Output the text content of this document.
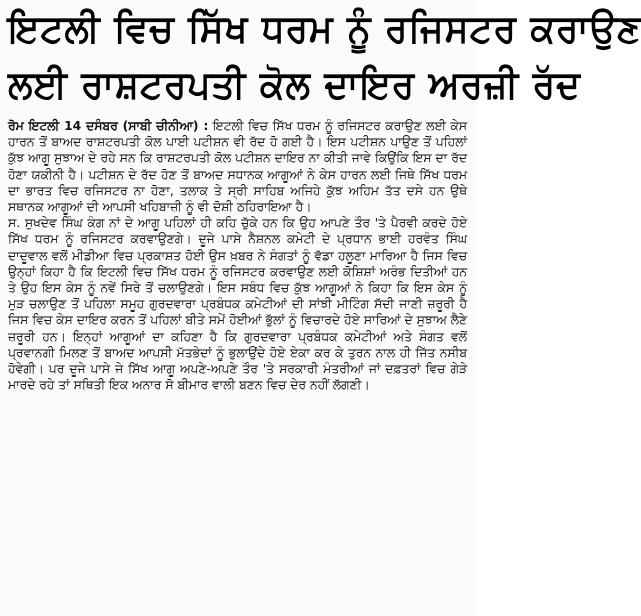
ਇਟਲੀ ਵਿਚ ਸਿੱਖ ਧਰਮ ਨੂੰ ਰਜਿਸਟਰ ਕਰਾਉਣ
ਲਈ ਰਾਸ਼ਟਰਪਤੀ ਕੋਲ ਦਾਇਰ ਅਰਜ਼ੀ ਰੱਦ

ਰੋਮ ਇਟਲੀ 14 ਦਸੰਬਰ (ਸਾਬੀ ਚੀਨੀਆ) : ਇਟਲੀ ਵਿਚ ਸਿੱਖ ਧਰਮ ਨੂੰ ਰਜਿਸਟਰ ਕਰਾਉਣ ਲਈ ਕੇਸ ਹਾਰਨ ਤੋਂ ਬਾਅਦ ਰਾਸ਼ਟਰਪਤੀ ਕੋਲ ਪਾਈ ਪਟੀਸ਼ਨ ਵੀ ਰੱਦ ਹੋ ਗਈ ਹੈ। ਇਸ ਪਟੀਸ਼ਨ ਪਾਉਣ ਤੋਂ ਪਹਿਲਾਂ ਕੁੱਝ ਆਗੂ ਸੁਝਾਅ ਦੇ ਰਹੇ ਸਨ ਕਿ ਰਾਸ਼ਟਰਪਤੀ ਕੋਲ ਪਟੀਸ਼ਨ ਦਾਇਰ ਨਾ ਕੀਤੀ ਜਾਵੇ ਕਿਉਂਕਿ ਇਸ ਦਾ ਰੱਦ ਹੋਣਾ ਯਕੀਨੀ ਹੈ। ਪਟੀਸ਼ਨ ਦੇ ਰੱਦ ਹੋਣ ਤੋਂ ਬਾਅਦ ਸਧਾਨਕ ਆਗੂਆਂ ਨੇ ਕੇਸ ਹਾਰਨ ਲਈ ਜਿਥੇ ਸਿੱਖ ਧਰਮ ਦਾ ਭਾਰਤ ਵਿਚ ਰਜਿਸਟਰ ਨਾ ਹੋਣਾ, ਤਲਾਕ ਤੇ ਸ੍ਰੀ ਸਾਹਿਬ ਅਜਿਹੇ ਕੁੱਝ ਅਹਿਮ ਤੱਤ ਦਸੇ ਹਨ ਉਥੇ ਸਥਾਨਕ ਆਗੂਆਂ ਦੀ ਆਪਸੀ ਖਹਿਬਾਜ਼ੀ ਨੂੰ ਵੀ ਦੋਸ਼ੀ ਠਹਿਰਾਇਆ ਹੈ।

ਸ. ਸੁਖਦੇਵ ਸਿੰਘ ਕੰਗ ਨਾਂ ਦੇ ਆਗੂ ਪਹਿਲਾਂ ਹੀ ਕਹਿ ਚੁੱਕੇ ਹਨ ਕਿ ਉਹ ਆਪਣੇ ਤੌਰ 'ਤੇ ਪੈਰਵੀ ਕਰਦੇ ਹੋਏ ਸਿੱਖ ਧਰਮ ਨੂੰ ਰਜਿਸਟਰ ਕਰਵਾਉਣਗੇ। ਦੂਜੇ ਪਾਸੇ ਨੈਸ਼ਨਲ ਕਮੇਟੀ ਦੇ ਪ੍ਰਧਾਨ ਭਾਈ ਹਰਵੰਤ ਸਿੰਘ ਦਾਦੂਵਾਲ ਵਲੋਂ ਮੀਡੀਆ ਵਿਚ ਪ੍ਰਕਾਸ਼ਤ ਹੋਈ ਉਸ ਖ਼ਬਰ ਨੇ ਸੰਗਤਾਂ ਨੂੰ ਵੱਡਾ ਹਲੂਣਾ ਮਾਰਿਆ ਹੈ ਜਿਸ ਵਿਚ ਉਨ੍ਹਾਂ ਕਿਹਾ ਹੈ ਕਿ ਇਟਲੀ ਵਿਚ ਸਿੱਖ ਧਰਮ ਨੂੰ ਰਜਿਸਟਰ ਕਰਵਾਉਣ ਲਈ ਕੋਸ਼ਿਸ਼ਾਂ ਅਰੰਭ ਦਿਤੀਆਂ ਹਨ ਤੇ ਉਹ ਇਸ ਕੇਸ ਨੂੰ ਨਵੇਂ ਸਿਰੇ ਤੋਂ ਚਲਾਉਣਗੇ। ਇਸ ਸਬੰਧ ਵਿਚ ਕੁੱਝ ਆਗੂਆਂ ਨੇ ਕਿਹਾ ਕਿ ਇਸ ਕੇਸ ਨੂੰ ਮੁੜ ਚਲਾਉਣ ਤੋਂ ਪਹਿਲਾ ਸਮੂਹ ਗੁਰਦਵਾਰਾ ਪ੍ਰਬੰਧਕ ਕਮੇਟੀਆਂ ਦੀ ਸਾਂਝੀ ਮੀਟਿੰਗ ਸੱਦੀ ਜਾਣੀ ਜ਼ਰੂਰੀ ਹੈ ਜਿਸ ਵਿਚ ਕੇਸ ਦਾਇਰ ਕਰਨ ਤੋਂ ਪਹਿਲਾਂ ਬੀਤੇ ਸਮੇਂ ਹੋਈਆਂ ਭੁੱਲਾਂ ਨੂੰ ਵਿਚਾਰਦੇ ਹੋਏ ਸਾਰਿਆਂ ਦੇ ਸੁਝਾਅ ਲੈਣੇ ਜ਼ਰੂਰੀ ਹਨ। ਇਨ੍ਹਾਂ ਆਗੂਆਂ ਦਾ ਕਹਿਣਾ ਹੈ ਕਿ ਗੁਰਦਵਾਰਾ ਪ੍ਰਬੰਧਕ ਕਮੇਟੀਆਂ ਅਤੇ ਸੰਗਤ ਵਲੋਂ ਪ੍ਰਵਾਨਗੀ ਮਿਲਣ ਤੋਂ ਬਾਅਦ ਆਪਸੀ ਮੱਤਭੇਦਾਂ ਨੂੰ ਭੁਲਾਉਂਦੇ ਹੋਏ ਏਕਾ ਕਰ ਕੇ ਤੁਰਨ ਨਾਲ ਹੀ ਜਿੱਤ ਨਸੀਬ ਹੋਵੇਗੀ। ਪਰ ਦੂਜੇ ਪਾਸੇ ਜੇ ਸਿੱਖ ਆਗੂ ਅਪਣੇ-ਅਪਣੇ ਤੌਰ 'ਤੇ ਸਰਕਾਰੀ ਮੰਤਰੀਆਂ ਜਾਂ ਦਫ਼ਤਰਾਂ ਵਿਚ ਗੇੜੇ ਮਾਰਦੇ ਰਹੇ ਤਾਂ ਸਥਿਤੀ ਇਕ ਅਨਾਰ ਸੋ ਬੀਮਾਰ ਵਾਲੀ ਬਣਨ ਵਿਚ ਦੇਰ ਨਹੀਂ ਲੱਗਣੀ।
